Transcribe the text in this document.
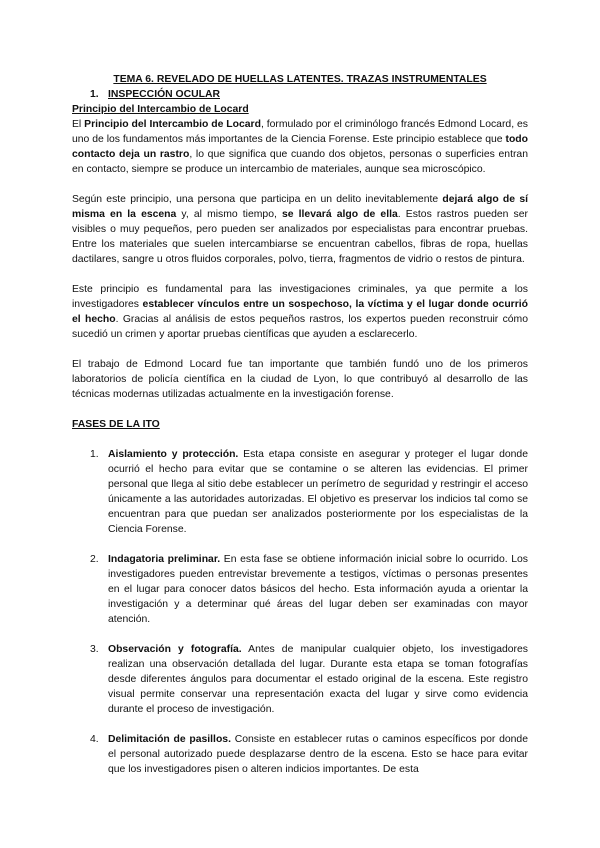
TEMA 6. REVELADO DE HUELLAS LATENTES. TRAZAS INSTRUMENTALES
1. INSPECCIÓN OCULAR
Principio del Intercambio de Locard

El Principio del Intercambio de Locard, formulado por el criminólogo francés Edmond Locard, es uno de los fundamentos más importantes de la Ciencia Forense. Este principio establece que todo contacto deja un rastro, lo que significa que cuando dos objetos, personas o superficies entran en contacto, siempre se produce un intercambio de materiales, aunque sea microscópico.

Según este principio, una persona que participa en un delito inevitablemente dejará algo de sí misma en la escena y, al mismo tiempo, se llevará algo de ella. Estos rastros pueden ser visibles o muy pequeños, pero pueden ser analizados por especialistas para encontrar pruebas. Entre los materiales que suelen intercambiarse se encuentran cabellos, fibras de ropa, huellas dactilares, sangre u otros fluidos corporales, polvo, tierra, fragmentos de vidrio o restos de pintura.

Este principio es fundamental para las investigaciones criminales, ya que permite a los investigadores establecer vínculos entre un sospechoso, la víctima y el lugar donde ocurrió el hecho. Gracias al análisis de estos pequeños rastros, los expertos pueden reconstruir cómo sucedió un crimen y aportar pruebas científicas que ayuden a esclarecerlo.

El trabajo de Edmond Locard fue tan importante que también fundó uno de los primeros laboratorios de policía científica en la ciudad de Lyon, lo que contribuyó al desarrollo de las técnicas modernas utilizadas actualmente en la investigación forense.

FASES DE LA ITO
1. Aislamiento y protección. Esta etapa consiste en asegurar y proteger el lugar donde ocurrió el hecho para evitar que se contamine o se alteren las evidencias. El primer personal que llega al sitio debe establecer un perímetro de seguridad y restringir el acceso únicamente a las autoridades autorizadas. El objetivo es preservar los indicios tal como se encuentran para que puedan ser analizados posteriormente por los especialistas de la Ciencia Forense.
2. Indagatoria preliminar. En esta fase se obtiene información inicial sobre lo ocurrido. Los investigadores pueden entrevistar brevemente a testigos, víctimas o personas presentes en el lugar para conocer datos básicos del hecho. Esta información ayuda a orientar la investigación y a determinar qué áreas del lugar deben ser examinadas con mayor atención.
3. Observación y fotografía. Antes de manipular cualquier objeto, los investigadores realizan una observación detallada del lugar. Durante esta etapa se toman fotografías desde diferentes ángulos para documentar el estado original de la escena. Este registro visual permite conservar una representación exacta del lugar y sirve como evidencia durante el proceso de investigación.
4. Delimitación de pasillos. Consiste en establecer rutas o caminos específicos por donde el personal autorizado puede desplazarse dentro de la escena. Esto se hace para evitar que los investigadores pisen o alteren indicios importantes. De esta
